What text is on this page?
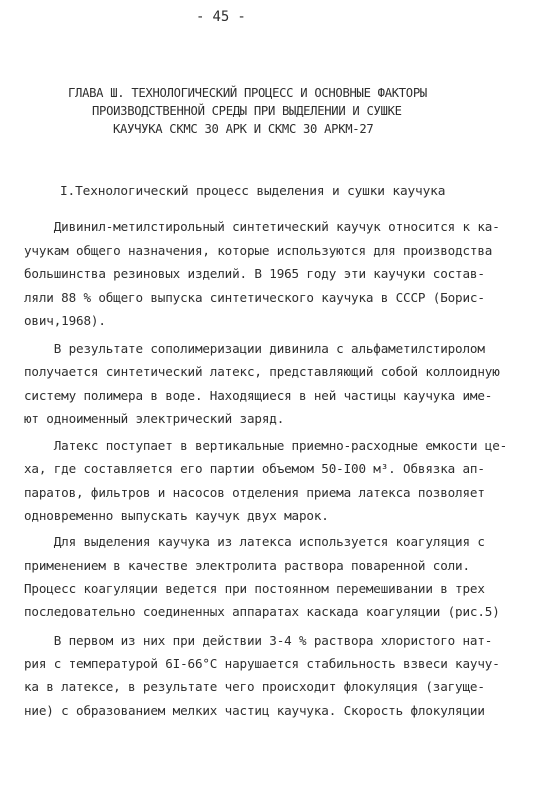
- 45 -
ГЛАВА Ш. ТЕХНОЛОГИЧЕСКИЙ ПРОЦЕСС И ОСНОВНЫЕ ФАКТОРЫ
ПРОИЗВОДСТВЕННОЙ СРЕДЫ ПРИ ВЫДЕЛЕНИИ И СУШКЕ
КАУЧУКА СКМС 30 АРК И СКМС 30 АРКМ-27
I.Технологический процесс выделения и сушки каучука
Дивинил-метилстирольный синтетический каучук относится к ка-
учукам общего назначения, которые используются для производства
большинства резиновых изделий. В 1965 году эти каучуки состав-
ляли 88 % общего выпуска синтетического каучука в СССР (Борис-
ович,1968).
В результате сополимеризации дивинила с альфаметилстиролом
получается синтетический латекс, представляющий собой коллоидную
систему полимера в воде. Находящиеся в ней частицы каучука име-
ют одноименный электрический заряд.
Латекс поступает в вертикальные приемно-расходные емкости це-
ха, где составляется его партии объемом 50-I00 м³. Обвязка ап-
паратов, фильтров и насосов отделения приема латекса позволяет
одновременно выпускать каучук двух марок.
Для выделения каучука из латекса используется коагуляция с
применением в качестве электролита раствора поваренной соли.
Процесс коагуляции ведется при постоянном перемешивании в трех
последовательно соединенных аппаратах каскада коагуляции (рис.5)
В первом из них при действии 3-4 % раствора хлористого нат-
рия с температурой 6I-66°C нарушается стабильность взвеси каучу-
ка в латексе, в результате чего происходит флокуляция (загуще-
ние) с образованием мелких частиц каучука. Скорость флокуляции
